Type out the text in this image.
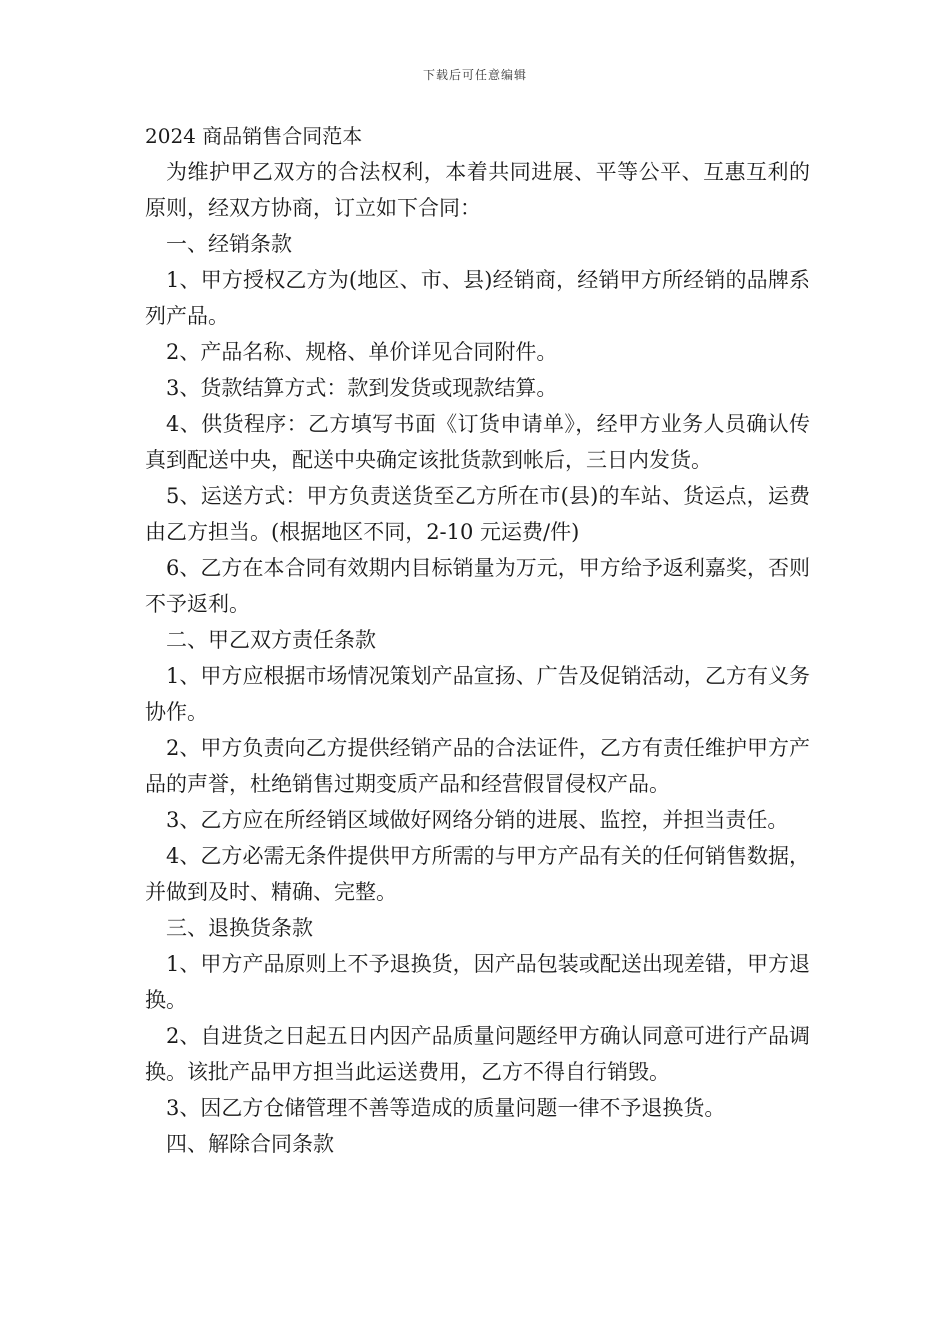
下载后可任意编辑
2024 商品销售合同范本

为维护甲乙双方的合法权利，本着共同进展、平等公平、互惠互利的原则，经双方协商，订立如下合同：

一、经销条款

1、甲方授权乙方为(地区、市、县)经销商，经销甲方所经销的品牌系列产品。

2、产品名称、规格、单价详见合同附件。

3、货款结算方式：款到发货或现款结算。

4、供货程序：乙方填写书面《订货申请单》，经甲方业务人员确认传真到配送中央，配送中央确定该批货款到帐后，三日内发货。

5、运送方式：甲方负责送货至乙方所在市(县)的车站、货运点，运费由乙方担当。(根据地区不同，2-10 元运费/件)

6、乙方在本合同有效期内目标销量为万元，甲方给予返利嘉奖，否则不予返利。

二、甲乙双方责任条款

1、甲方应根据市场情况策划产品宣扬、广告及促销活动，乙方有义务协作。

2、甲方负责向乙方提供经销产品的合法证件，乙方有责任维护甲方产品的声誉，杜绝销售过期变质产品和经营假冒侵权产品。

3、乙方应在所经销区域做好网络分销的进展、监控，并担当责任。

4、乙方必需无条件提供甲方所需的与甲方产品有关的任何销售数据，并做到及时、精确、完整。

三、退换货条款

1、甲方产品原则上不予退换货，因产品包装或配送出现差错，甲方退换。

2、自进货之日起五日内因产品质量问题经甲方确认同意可进行产品调换。该批产品甲方担当此运送费用，乙方不得自行销毁。

3、因乙方仓储管理不善等造成的质量问题一律不予退换货。

四、解除合同条款
